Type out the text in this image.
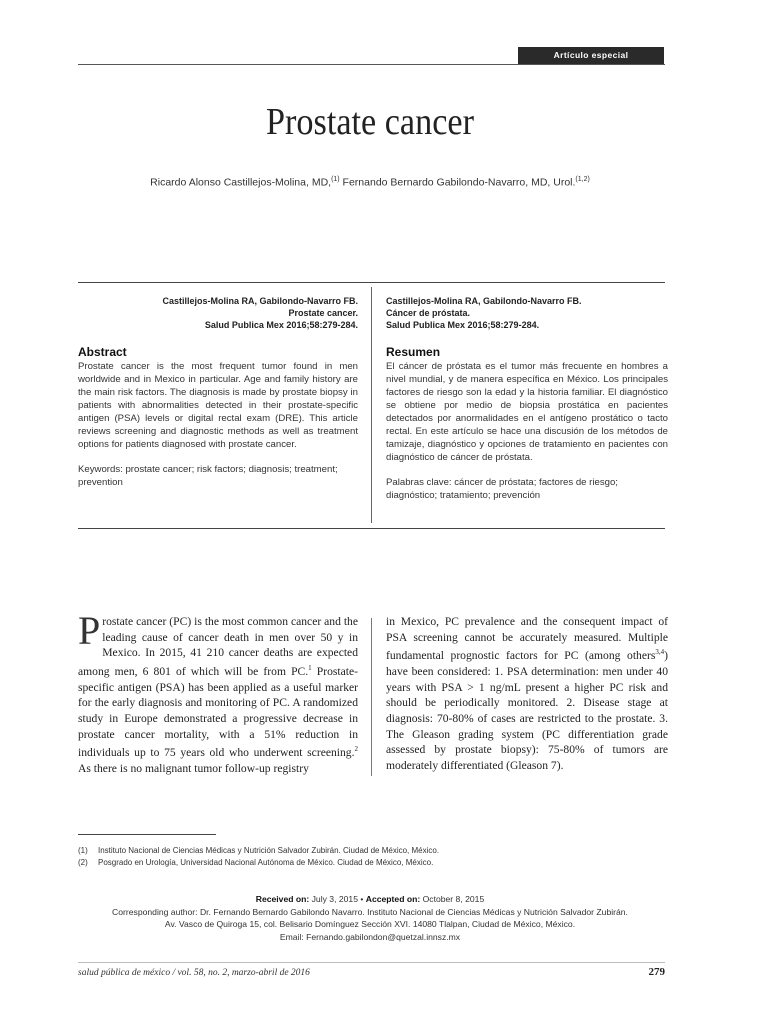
Artículo especial
Prostate cancer
Ricardo Alonso Castillejos-Molina, MD,$^{(1)}$ Fernando Bernardo Gabilondo-Navarro, MD, Urol.$^{(1,2)}$
Castillejos-Molina RA, Gabilondo-Navarro FB.
Prostate cancer.
Salud Publica Mex 2016;58:279-284.
Abstract
Prostate cancer is the most frequent tumor found in men worldwide and in Mexico in particular. Age and family history are the main risk factors. The diagnosis is made by prostate biopsy in patients with abnormalities detected in their prostate-specific antigen (PSA) levels or digital rectal exam (DRE). This article reviews screening and diagnostic methods as well as treatment options for patients diagnosed with prostate cancer.
Keywords: prostate cancer; risk factors; diagnosis; treatment; prevention
Castillejos-Molina RA, Gabilondo-Navarro FB.
Cáncer de próstata.
Salud Publica Mex 2016;58:279-284.
Resumen
El cáncer de próstata es el tumor más frecuente en hombres a nivel mundial, y de manera específica en México. Los principales factores de riesgo son la edad y la historia familiar. El diagnóstico se obtiene por medio de biopsia prostática en pacientes detectados por anormalidades en el antígeno prostático o tacto rectal. En este artículo se hace una discusión de los métodos de tamizaje, diagnóstico y opciones de tratamiento en pacientes con diagnóstico de cáncer de próstata.
Palabras clave: cáncer de próstata; factores de riesgo; diagnóstico; tratamiento; prevención
Prostate cancer (PC) is the most common cancer and the leading cause of cancer death in men over 50 y in Mexico. In 2015, 41 210 cancer deaths are expected among men, 6 801 of which will be from PC.$^1$ Prostate-specific antigen (PSA) has been applied as a useful marker for the early diagnosis and monitoring of PC. A randomized study in Europe demonstrated a progressive decrease in prostate cancer mortality, with a 51% reduction in individuals up to 75 years old who underwent screening.$^2$ As there is no malignant tumor follow-up registry
in Mexico, PC prevalence and the consequent impact of PSA screening cannot be accurately measured. Multiple fundamental prognostic factors for PC (among others$^{3,4}$) have been considered: 1. PSA determination: men under 40 years with PSA > 1 ng/mL present a higher PC risk and should be periodically monitored. 2. Disease stage at diagnosis: 70-80% of cases are restricted to the prostate. 3. The Gleason grading system (PC differentiation grade assessed by prostate biopsy): 75-80% of tumors are moderately differentiated (Gleason 7).
(1) Instituto Nacional de Ciencias Médicas y Nutrición Salvador Zubirán. Ciudad de México, México.
(2) Posgrado en Urología, Universidad Nacional Autónoma de México. Ciudad de México, México.
Received on: July 3, 2015 • Accepted on: October 8, 2015
Corresponding author: Dr. Fernando Bernardo Gabilondo Navarro. Instituto Nacional de Ciencias Médicas y Nutrición Salvador Zubirán.
Av. Vasco de Quiroga 15, col. Belisario Domínguez Sección XVI. 14080 Tlalpan, Ciudad de México, México.
Email: Fernando.gabilondon@quetzal.innsz.mx
salud pública de méxico / vol. 58, no. 2, marzo-abril de 2016	279
